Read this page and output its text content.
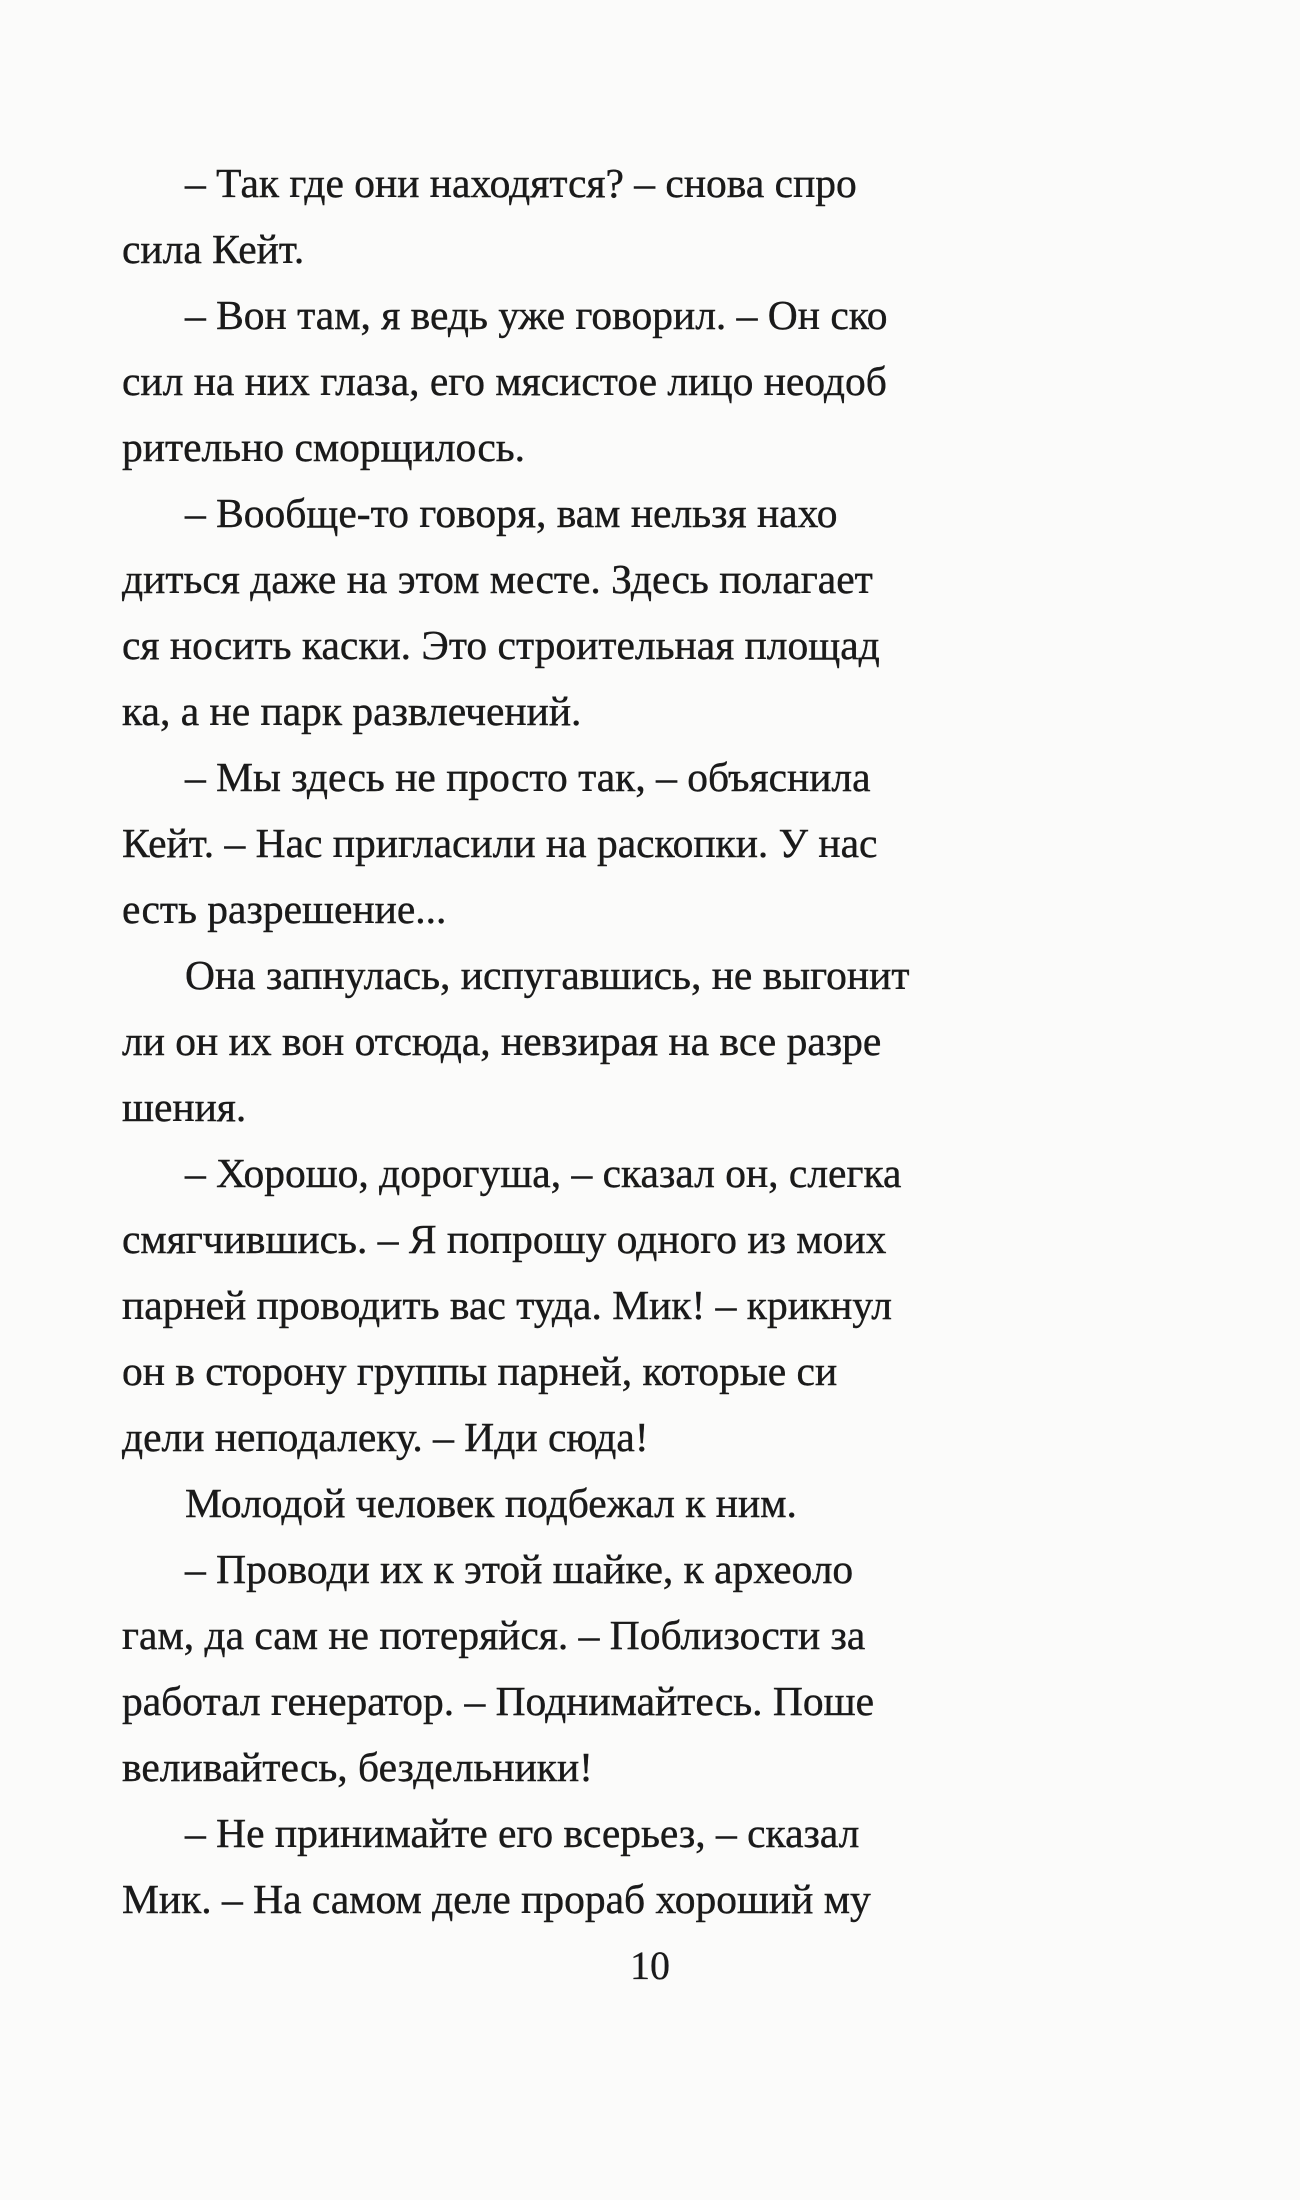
– Так где они находятся? – снова спро
сила Кейт.
– Вон там, я ведь уже говорил. – Он ско
сил на них глаза, его мясистое лицо неодоб
рительно сморщилось.
– Вообще-то говоря, вам нельзя нахо
диться даже на этом месте. Здесь полагает
ся носить каски. Это строительная площад
ка, а не парк развлечений.
– Мы здесь не просто так, – объяснила
Кейт. – Нас пригласили на раскопки. У нас
есть разрешение...
Она запнулась, испугавшись, не выгонит
ли он их вон отсюда, невзирая на все разре
шения.
– Хорошо, дорогуша, – сказал он, слегка
смягчившись. – Я попрошу одного из моих
парней проводить вас туда. Мик! – крикнул
он в сторону группы парней, которые си
дели неподалеку. – Иди сюда!
Молодой человек подбежал к ним.
– Проводи их к этой шайке, к археоло
гам, да сам не потеряйся. – Поблизости за
работал генератор. – Поднимайтесь. Поше
веливайтесь, бездельники!
– Не принимайте его всерьез, – сказал
Мик. – На самом деле прораб хороший му
10
